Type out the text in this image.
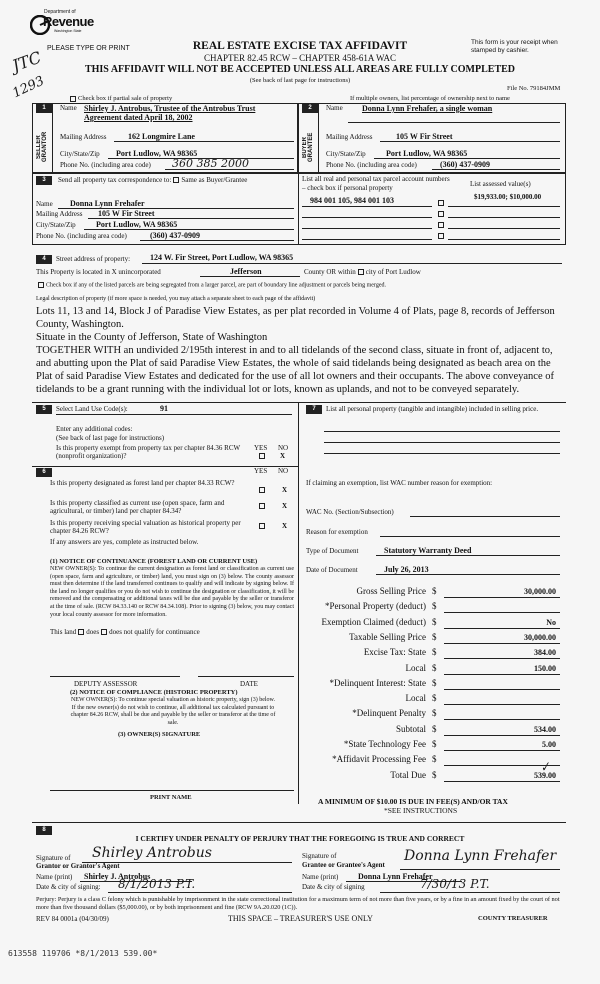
Department of
Revenue
Washington State
PLEASE TYPE OR PRINT
JTC
1293
REAL ESTATE EXCISE TAX AFFIDAVIT
CHAPTER 82.45 RCW – CHAPTER 458-61A WAC
THIS AFFIDAVIT WILL NOT BE ACCEPTED UNLESS ALL AREAS ARE FULLY COMPLETED
(See back of last page for instructions)
This form is your receipt when stamped by cashier.
File No. 79184JMM
Check box if partial sale of property	If multiple owners, list percentage of ownership next to name
1	2
SELLER GRANTOR	BUYER GRANTEE
Name Shirley J. Antrobus, Trustee of the Antrobus Trust
Agreement dated April 18, 2002
Mailing Address	162 Longmire Lane
City/State/Zip Port Ludlow, WA 98365
Phone No. (including area code) 360 385 2000
Name Donna Lynn Frehafer, a single woman
Mailing Address	105 W Fir Street
City/State/Zip	Port Ludlow, WA 98365
Phone No. (including area code)	(360) 437-0909
3	Send all property tax correspondence to: Same as Buyer/Grantee
Name Donna Lynn Frehafer
Mailing Address 105 W Fir Street
City/State/Zip	Port Ludlow, WA 98365
Phone No. (including area code)	(360) 437-0909
List all real and personal tax parcel account numbers – check box if personal property	List assessed value(s)
984 001 105, 984 001 103	$19,933.00; $10,000.00
4	Street address of property: 124 W. Fir Street, Port Ludlow, WA 98365
This Property is located in X unincorporated	Jefferson	County OR within city of Port Ludlow
Check box if any of the listed parcels are being segregated from a larger parcel, are part of boundary line adjustment or parcels being merged.
Legal description of property (if more space is needed, you may attach a separate sheet to each page of the affidavit)
Lots 11, 13 and 14, Block J of Paradise View Estates, as per plat recorded in Volume 4 of Plats, page 8, records of Jefferson County, Washington.
Situate in the County of Jefferson, State of Washington
TOGETHER WITH an undivided 2/195th interest in and to all tidelands of the second class, situate in front of, adjacent to, and abutting upon the Plat of said Paradise View Estates, the whole of said tidelands being designated as beach area on the Plat of said Paradise View Estates and dedicated for the use of all lot owners and their occupants. The above conveyance of tidelands to be a grant running with the individual lot or lots, known as uplands, and not to be conveyed separately.
5	Select Land Use Code(s):	91
Enter any additional codes:
(See back of last page for instructions)
YES NO
Is this property exempt from property tax per chapter 84.36 RCW (nonprofit organization)?	X
6	YES NO
Is this property designated as forest land per chapter 84.33 RCW?
X
Is this property classified as current use (open space, farm and agricultural, or timber) land per chapter 84.34?
X
Is this property receiving special valuation as historical property per chapter 84.26 RCW?
X
If any answers are yes, complete as instructed below.
(1) NOTICE OF CONTINUANCE (FOREST LAND OR CURRENT USE)
NEW OWNER(S): To continue the current designation as forest land or classification as current use (open space, farm and agriculture, or timber) land, you must sign on (3) below. The county assessor must then determine if the land transferred continues to qualify and will indicate by signing below. If the land no longer qualifies or you do not wish to continue the designation or classification, it will be removed and the compensating or additional taxes will be due and payable by the seller or transferor at the time of sale. (RCW 84.33.140 or RCW 84.34.108). Prior to signing (3) below, you may contact your local county assessor for more information.
This land does does not qualify for continuance
DEPUTY ASSESSOR	DATE
(2) NOTICE OF COMPLIANCE (HISTORIC PROPERTY)
NEW OWNER(S): To continue special valuation as historic property, sign (3) below. If the new owner(s) do not wish to continue, all additional tax calculated pursuant to chapter 84.26 RCW, shall be due and payable by the seller or transferor at the time of sale.
(3) OWNER(S) SIGNATURE
PRINT NAME
7	List all personal property (tangible and intangible) included in selling price.
If claiming an exemption, list WAC number reason for exemption:
WAC No. (Section/Subsection)
Reason for exemption
Type of Document	Statutory Warranty Deed
Date of Document	July 26, 2013
Gross Selling Price $	30,000.00
*Personal Property (deduct) $
Exemption Claimed (deduct) $	No
Taxable Selling Price $	30,000.00
Excise Tax: State $	384.00
Local $	150.00
*Delinquent Interest: State $
Local $
*Delinquent Penalty $
Subtotal $	534.00
*State Technology Fee $	5.00
*Affidavit Processing Fee $
Total Due $	539.00
✓
A MINIMUM OF $10.00 IS DUE IN FEE(S) AND/OR TAX
*SEE INSTRUCTIONS
8
I CERTIFY UNDER PENALTY OF PERJURY THAT THE FOREGOING IS TRUE AND CORRECT
Signature of
Grantor or Grantor's Agent
Shirley Antrobus
Name (print) Shirley J. Antrobus
Date & city of signing: 8/1/2013 P.T.
Signature of
Grantee or Grantee's Agent
Donna Lynn Frehafer
Name (print) Donna Lynn Frehafer
Date & city of signing	7/30/13 P.T.
Perjury: Perjury is a class C felony which is punishable by imprisonment in the state correctional institution for a maximum term of not more than five years, or by a fine in an amount fixed by the court of not more than five thousand dollars ($5,000.00), or by both imprisonment and fine (RCW 9A.20.020 (1C)).
REV 84 0001a (04/30/09)	THIS SPACE – TREASURER'S USE ONLY	COUNTY TREASURER
613558 119706 *8/1/2013 539.00*
